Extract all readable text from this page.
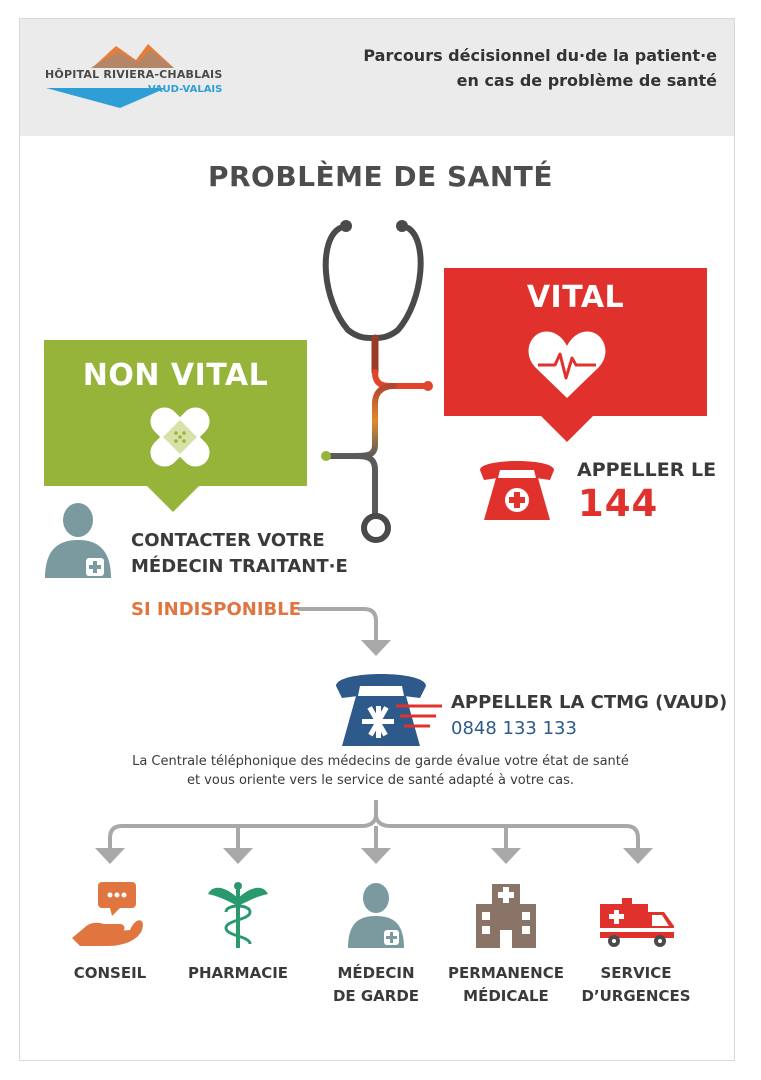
HÔPITAL RIVIERA-CHABLAIS
VAUD-VALAIS
Parcours décisionnel du·de la patient·e
en cas de problème de santé
PROBLÈME DE SANTÉ
VITAL
NON VITAL
APPELLER LE
144
CONTACTER VOTRE
MÉDECIN TRAITANT·E
SI INDISPONIBLE
APPELLER LA CTMG (VAUD)
0848 133 133
La Centrale téléphonique des médecins de garde évalue votre état de santé
et vous oriente vers le service de santé adapté à votre cas.
CONSEIL	PHARMACIE	MÉDECIN
DE GARDE
PERMANENCE
MÉDICALE
SERVICE
D’URGENCES
